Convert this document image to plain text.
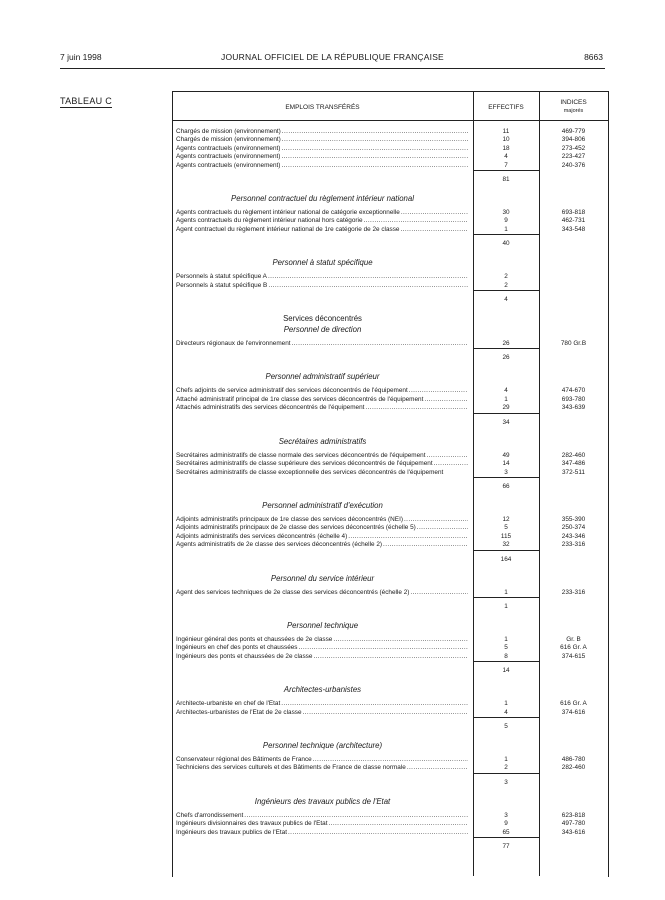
7 juin 1998	JOURNAL OFFICIEL DE LA RÉPUBLIQUE FRANÇAISE	8663
TABLEAU C
EMPLOIS TRANSFÉRÉS	EFFECTIFS
INDICES
majorés
Chargés de mission (environnement) .....	11	469-779
Chargés de mission (environnement) .....	10	394-806
Agents contractuels (environnement) .....	18	273-452
Agents contractuels (environnement) .....	4	223-427
Agents contractuels (environnement) .....	7	240-376
81
Personnel contractuel du règlement intérieur national
Agents contractuels du règlement intérieur national de catégorie exceptionnelle .....	30	693-818
Agents contractuels du règlement intérieur national hors catégorie .....	9	462-731
Agent contractuel du règlement intérieur national de 1re catégorie de 2e classe .....	1	343-548
40
Personnel à statut spécifique
Personnels à statut spécifique A .....	2
Personnels à statut spécifique B .....	2
4
Services déconcentrés
Personnel de direction
Directeurs régionaux de l'environnement .....	26	780 Gr.B
26
Personnel administratif supérieur
Chefs adjoints de service administratif des services déconcentrés de l'équipement .....	4	474-670
Attaché administratif principal de 1re classe des services déconcentrés de l'équipement .....	1	693-780
Attachés administratifs des services déconcentrés de l'équipement .....	29	343-639
34
Secrétaires administratifs
Secrétaires administratifs de classe normale des services déconcentrés de l'équipement .....	49	282-460
Secrétaires administratifs de classe supérieure des services déconcentrés de l'équipement .....	14	347-486
Secrétaires administratifs de classe exceptionnelle des services déconcentrés de l'équipement	3	372-511
66
Personnel administratif d'exécution
Adjoints administratifs principaux de 1re classe des services déconcentrés (NEI) .....	12	355-390
Adjoints administratifs principaux de 2e classe des services déconcentrés (échelle 5) .....	5	250-374
Adjoints administratifs des services déconcentrés (échelle 4) .....	115	243-346
Agents administratifs de 2e classe des services déconcentrés (échelle 2) .....	32	233-316
164
Personnel du service intérieur
Agent des services techniques de 2e classe des services déconcentrés (échelle 2) .....	1	233-316
1
Personnel technique
Ingénieur général des ponts et chaussées de 2e classe .....	1	Gr. B
Ingénieurs en chef des ponts et chaussées .....	5	616 Gr. A
Ingénieurs des ponts et chaussées de 2e classe .....	8	374-615
14
Architectes-urbanistes
Architecte-urbaniste en chef de l'Etat .....	1	616 Gr. A
Architectes-urbanistes de l'Etat de 2e classe .....	4	374-616
5
Personnel technique (architecture)
Conservateur régional des Bâtiments de France .....	1	486-780
Techniciens des services culturels et des Bâtiments de France de classe normale .....	2	282-460
3
Ingénieurs des travaux publics de l'Etat
Chefs d'arrondissement .....	3	623-818
Ingénieurs divisionnaires des travaux publics de l'Etat .....	9	497-780
Ingénieurs des travaux publics de l'Etat .....	65	343-616
77
